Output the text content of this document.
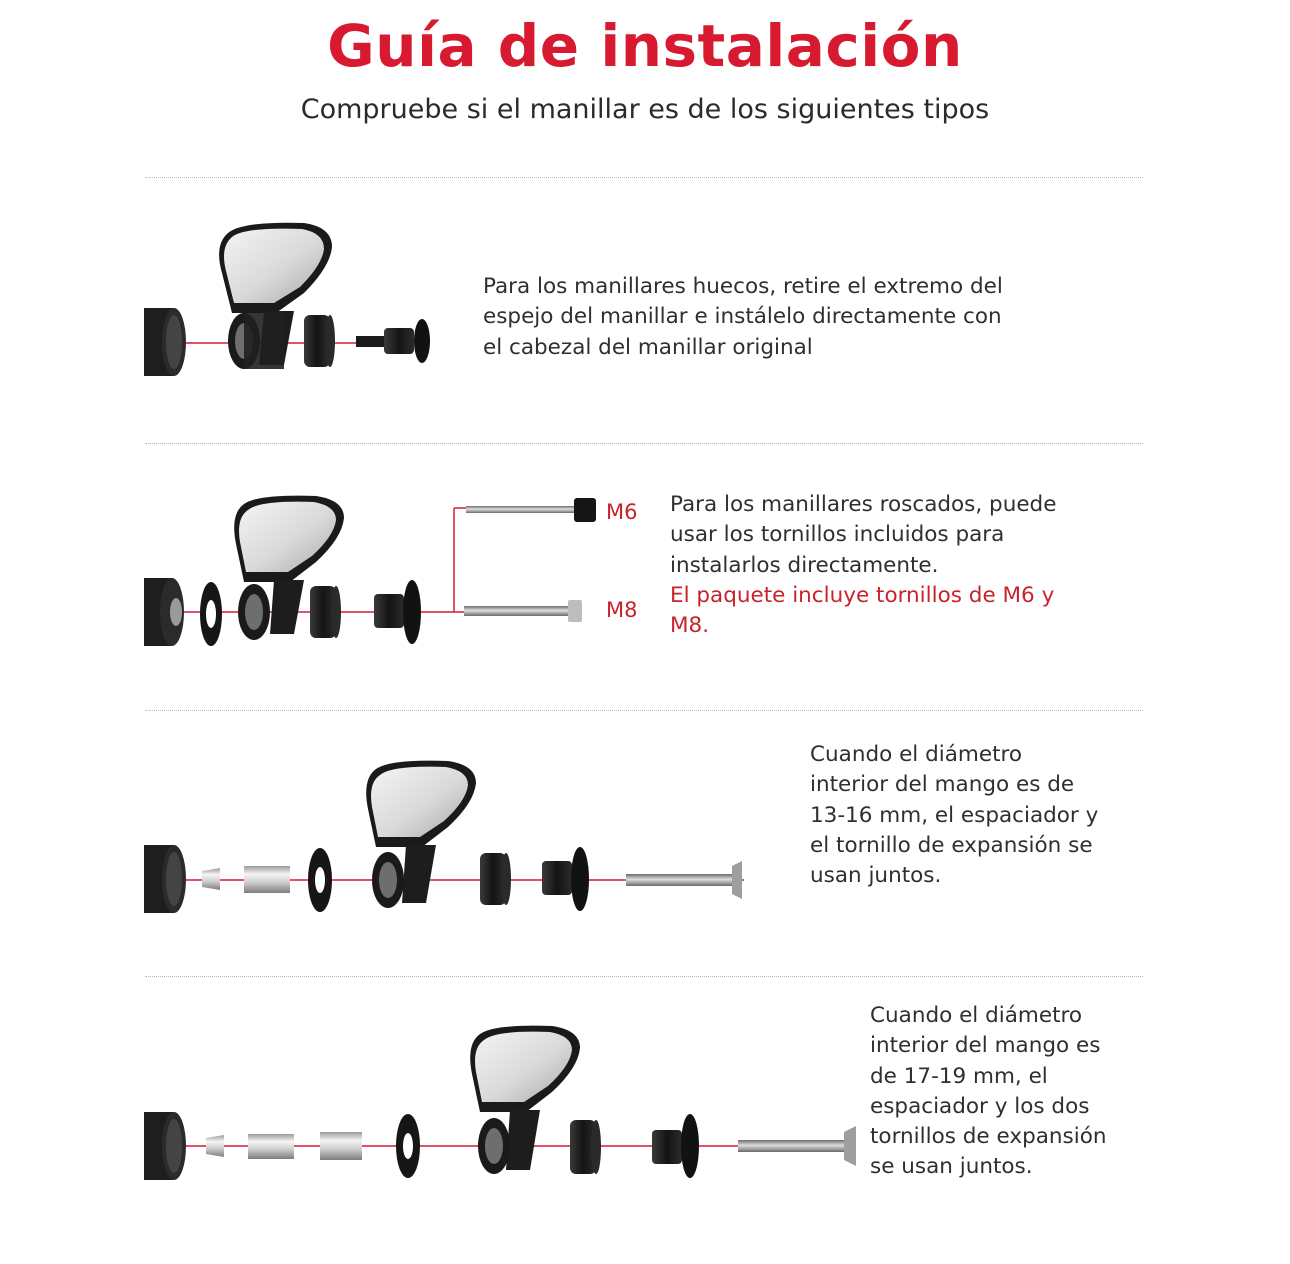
Guía de instalación
Compruebe si el manillar es de los siguientes tipos
Para los manillares huecos, retire el extremo del
espejo del manillar e instálelo directamente con
el cabezal del manillar original
M6
M8
Para los manillares roscados, puede
usar los tornillos incluidos para
instalarlos directamente.
El paquete incluye tornillos de M6 y
M8.
Cuando el diámetro
interior del mango es de
13-16 mm, el espaciador y
el tornillo de expansión se
usan juntos.
Cuando el diámetro
interior del mango es
de 17-19 mm, el
espaciador y los dos
tornillos de expansión
se usan juntos.
